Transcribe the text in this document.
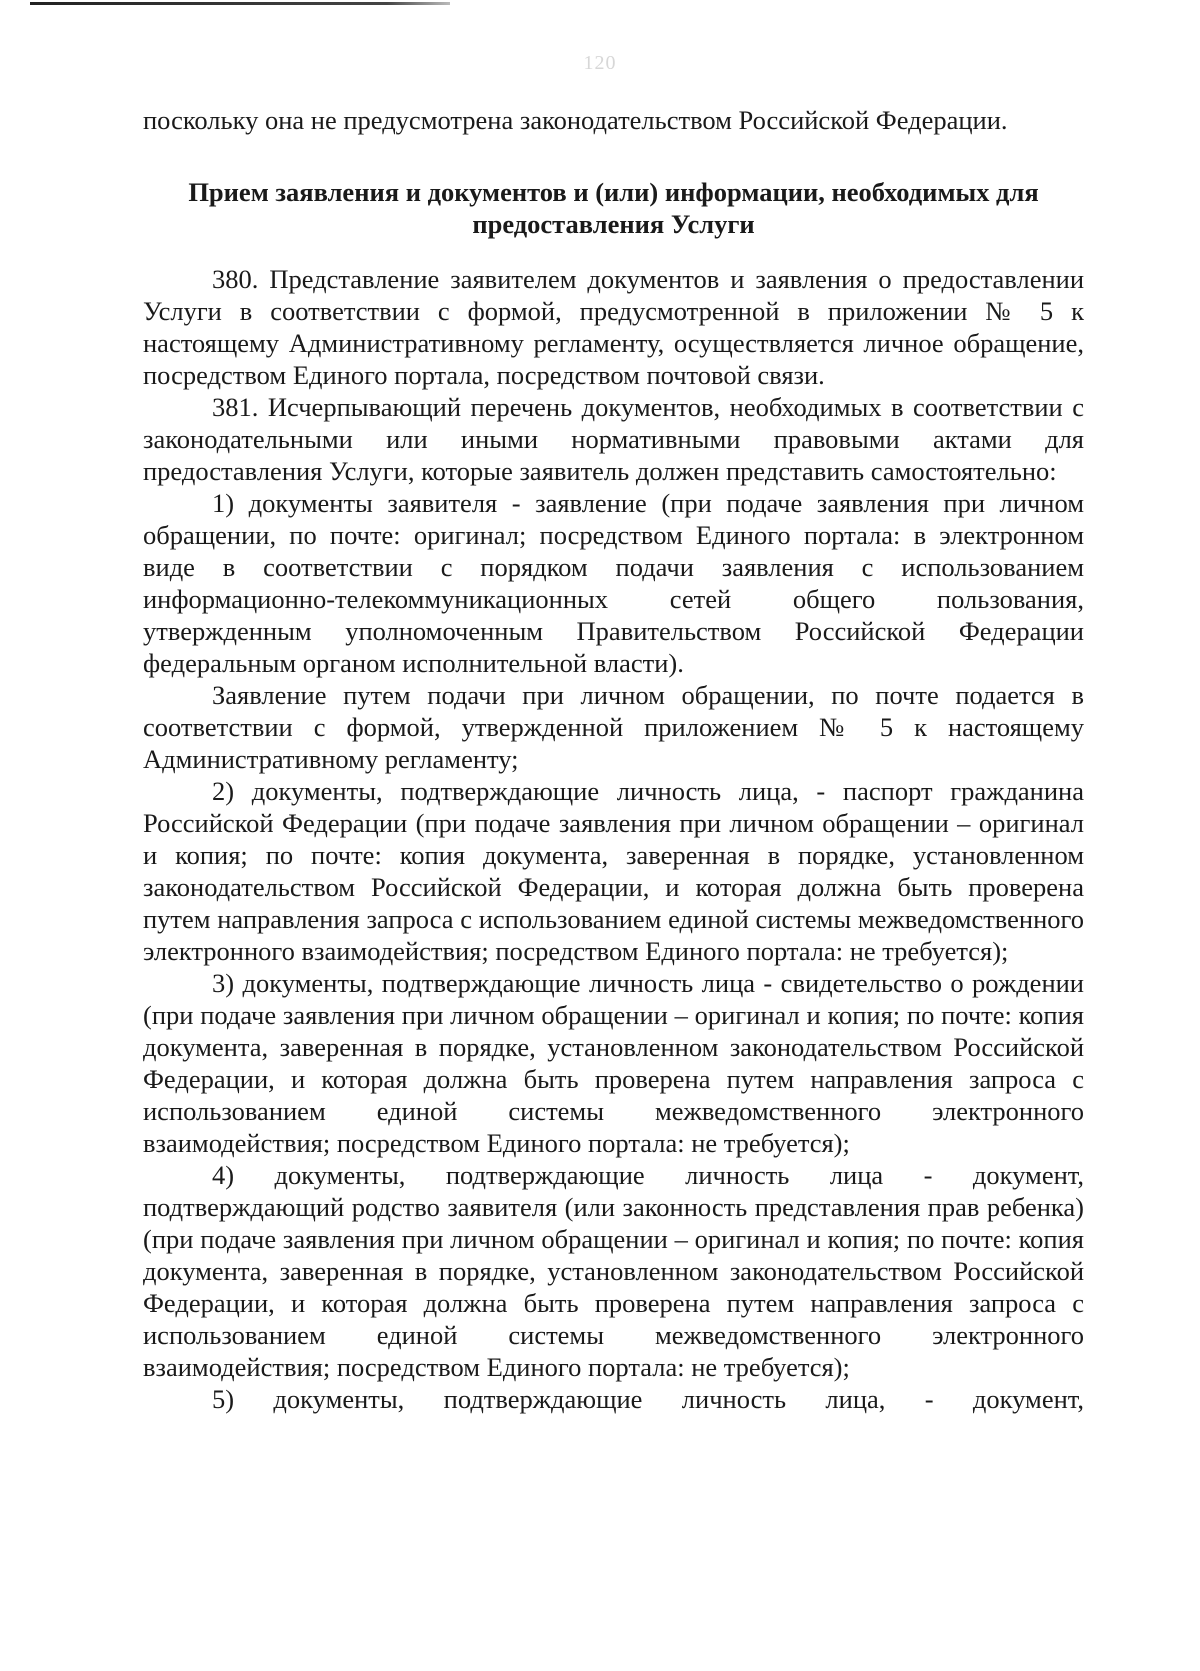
120

поскольку она не предусмотрена законодательством Российской Федерации.

Прием заявления и документов и (или) информации, необходимых для
предоставления Услуги

380. Представление заявителем документов и заявления о предоставлении Услуги в соответствии с формой, предусмотренной в приложении № 5 к настоящему Административному регламенту, осуществляется личное обращение, посредством Единого портала, посредством почтовой связи.

381. Исчерпывающий перечень документов, необходимых в соответствии с законодательными или иными нормативными правовыми актами для предоставления Услуги, которые заявитель должен представить самостоятельно:

1) документы заявителя - заявление (при подаче заявления при личном обращении, по почте: оригинал; посредством Единого портала: в электронном виде в соответствии с порядком подачи заявления с использованием информационно-телекоммуникационных сетей общего пользования, утвержденным уполномоченным Правительством Российской Федерации федеральным органом исполнительной власти).

Заявление путем подачи при личном обращении, по почте подается в соответствии с формой, утвержденной приложением № 5 к настоящему Административному регламенту;

2) документы, подтверждающие личность лица, - паспорт гражданина Российской Федерации (при подаче заявления при личном обращении – оригинал и копия; по почте: копия документа, заверенная в порядке, установленном законодательством Российской Федерации, и которая должна быть проверена путем направления запроса с использованием единой системы межведомственного электронного взаимодействия; посредством Единого портала: не требуется);

3) документы, подтверждающие личность лица - свидетельство о рождении (при подаче заявления при личном обращении – оригинал и копия; по почте: копия документа, заверенная в порядке, установленном законодательством Российской Федерации, и которая должна быть проверена путем направления запроса с использованием единой системы межведомственного электронного взаимодействия; посредством Единого портала: не требуется);

4) документы, подтверждающие личность лица - документ, подтверждающий родство заявителя (или законность представления прав ребенка) (при подаче заявления при личном обращении – оригинал и копия; по почте: копия документа, заверенная в порядке, установленном законодательством Российской Федерации, и которая должна быть проверена путем направления запроса с использованием единой системы межведомственного электронного взаимодействия; посредством Единого портала: не требуется);

5) документы, подтверждающие личность лица, - документ,
